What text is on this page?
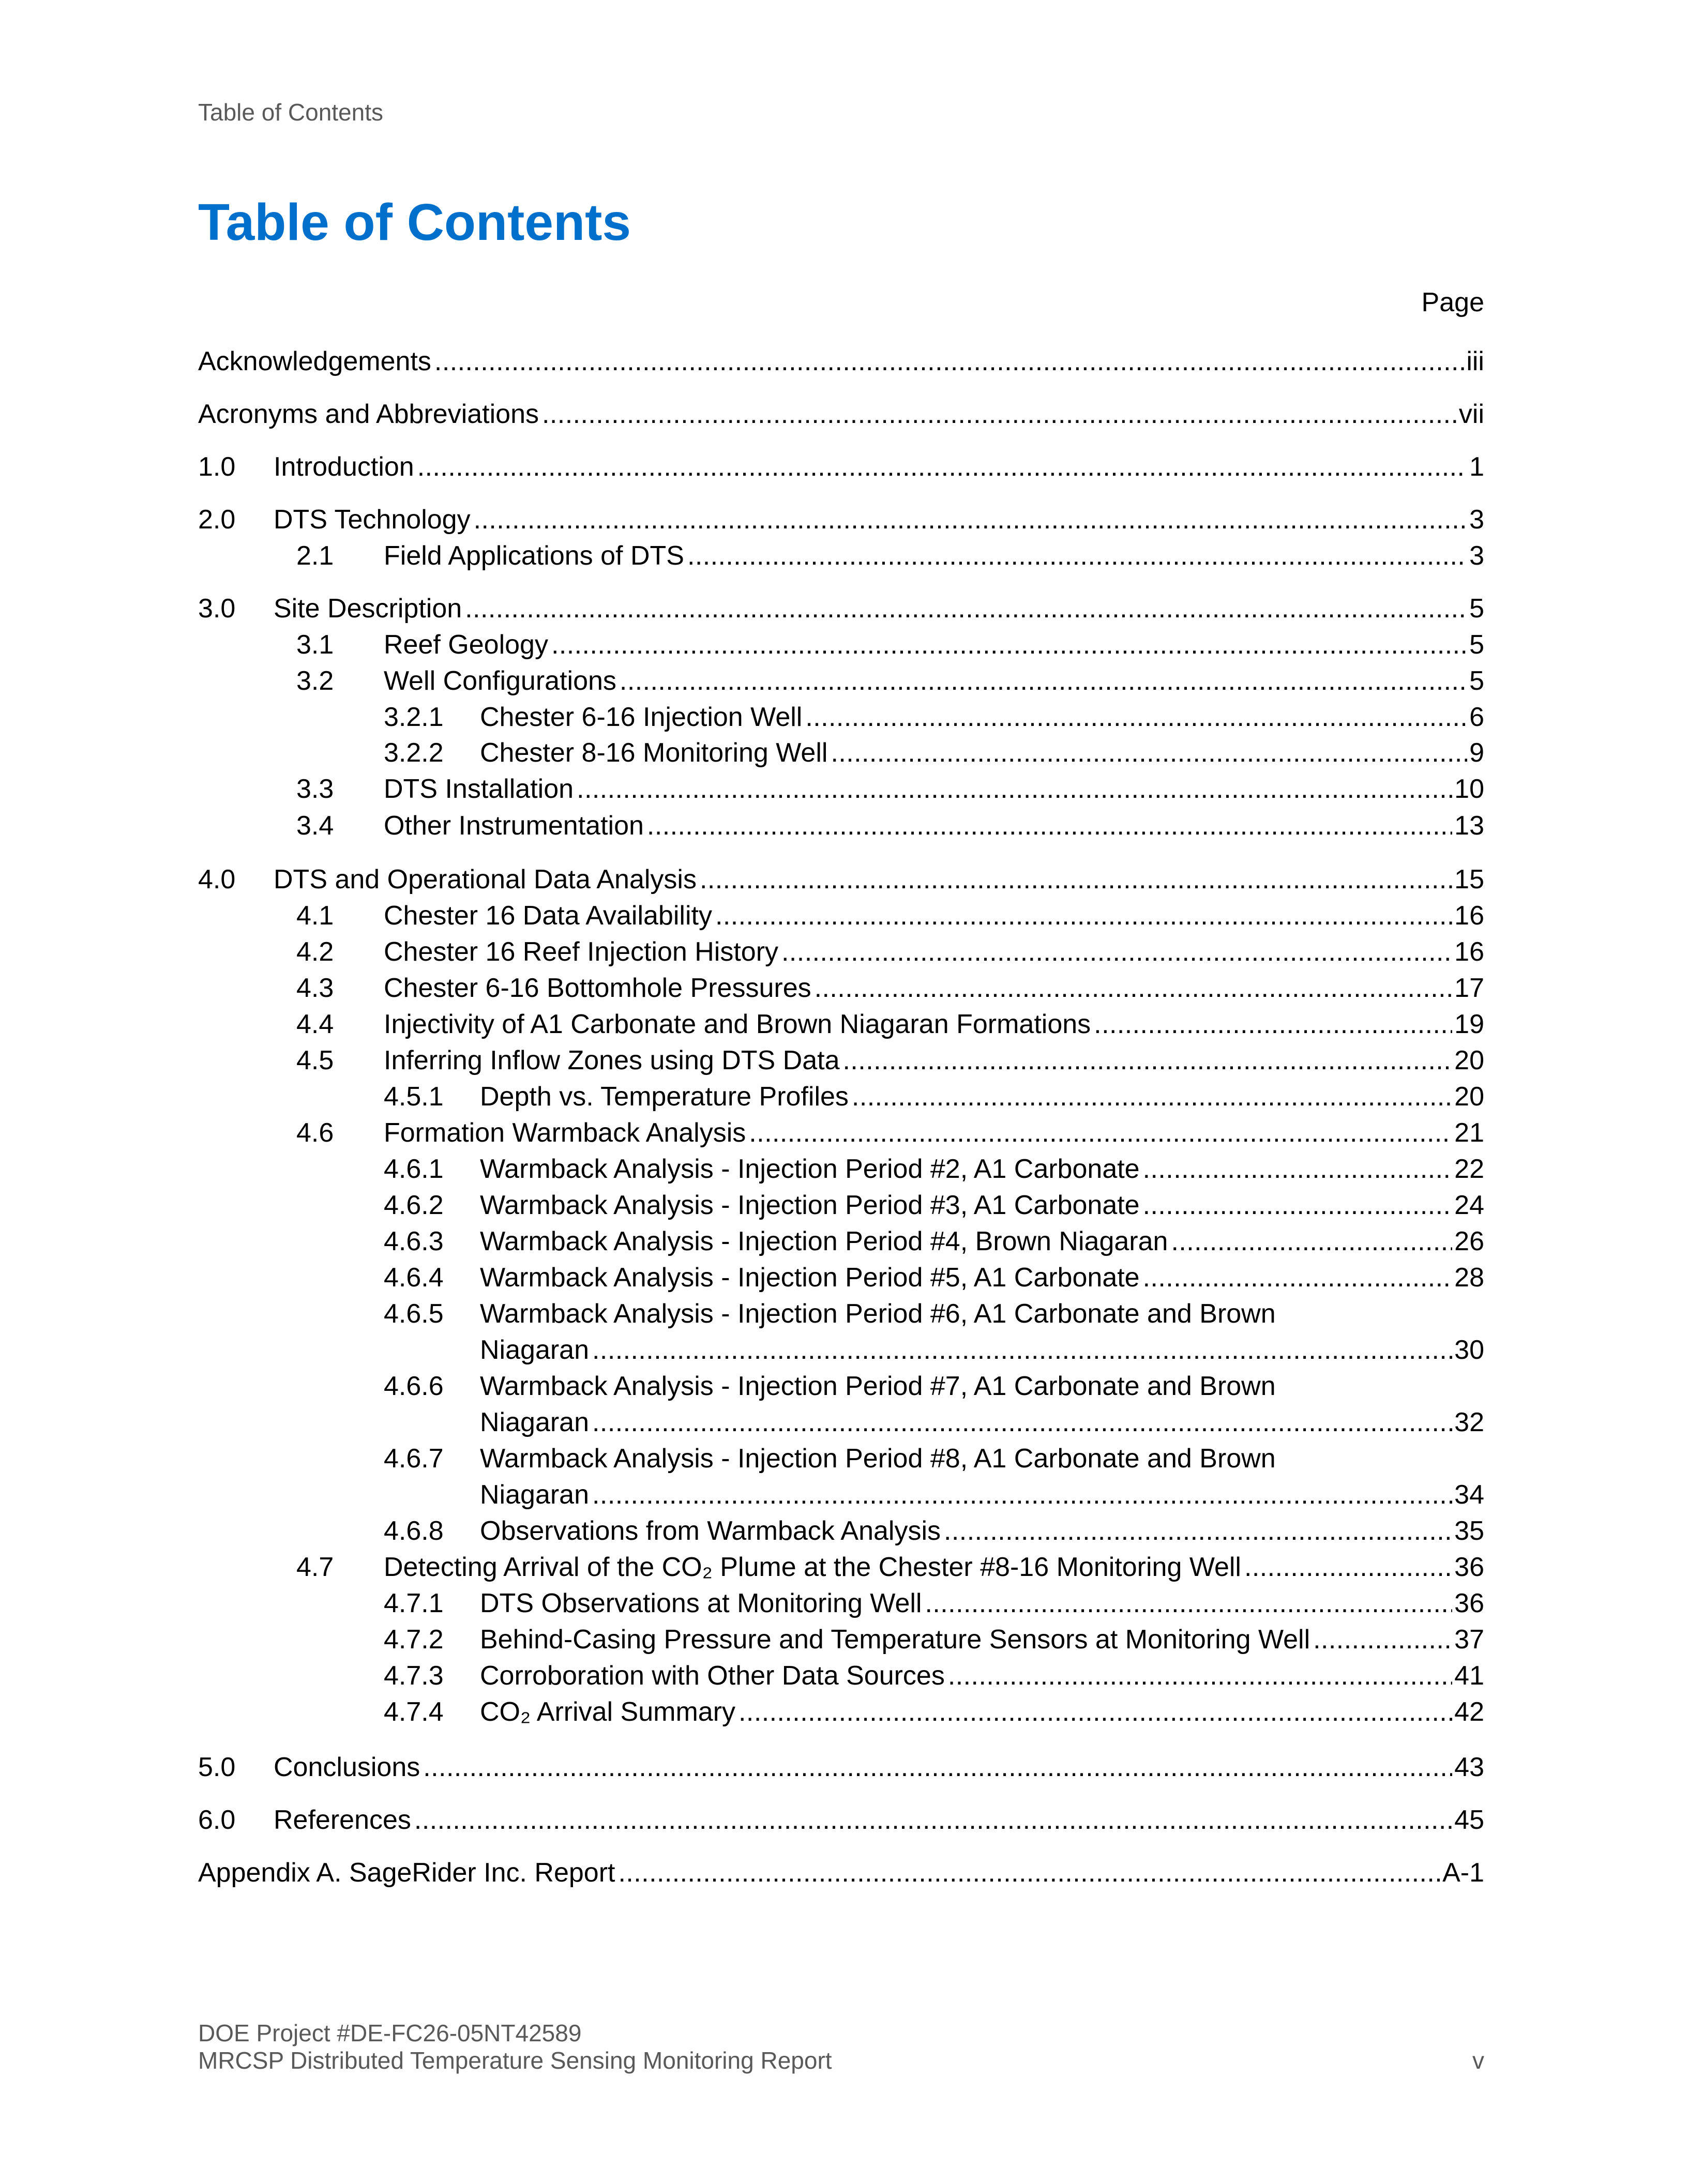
Table of Contents
Table of Contents
Page
Acknowledgements . . .	iii
Acronyms and Abbreviations . . .	vii
1.0 Introduction . . .	1
2.0 DTS Technology . . .	3
2.1 Field Applications of DTS . . .	3
3.0 Site Description . . .	5
3.1 Reef Geology . . .	5
3.2 Well Configurations . . .	5
3.2.1 Chester 6-16 Injection Well . . .	6
3.2.2 Chester 8-16 Monitoring Well . . .	9
3.3 DTS Installation . . .	10
3.4 Other Instrumentation . . .	13
4.0 DTS and Operational Data Analysis . . .	15
4.1 Chester 16 Data Availability . . .	16
4.2 Chester 16 Reef Injection History . . .	16
4.3 Chester 6-16 Bottomhole Pressures . . .	17
4.4 Injectivity of A1 Carbonate and Brown Niagaran Formations . . .	19
4.5 Inferring Inflow Zones using DTS Data . . .	20
4.5.1 Depth vs. Temperature Profiles . . .	20
4.6 Formation Warmback Analysis . . .	21
4.6.1 Warmback Analysis - Injection Period #2, A1 Carbonate . . .	22
4.6.2 Warmback Analysis - Injection Period #3, A1 Carbonate . . .	24
4.6.3 Warmback Analysis - Injection Period #4, Brown Niagaran . . .	26
4.6.4 Warmback Analysis - Injection Period #5, A1 Carbonate . . .	28
4.6.5 Warmback Analysis - Injection Period #6, A1 Carbonate and Brown
Niagaran . . .	30
4.6.6 Warmback Analysis - Injection Period #7, A1 Carbonate and Brown
Niagaran . . .	32
4.6.7 Warmback Analysis - Injection Period #8, A1 Carbonate and Brown
Niagaran . . .	34
4.6.8 Observations from Warmback Analysis . . .	35
4.7 Detecting Arrival of the CO₂ Plume at the Chester #8-16 Monitoring Well . . .	36
4.7.1 DTS Observations at Monitoring Well . . .	36
4.7.2 Behind-Casing Pressure and Temperature Sensors at Monitoring Well . . .	37
4.7.3 Corroboration with Other Data Sources . . .	41
4.7.4 CO₂ Arrival Summary . . .	42
5.0 Conclusions . . .	43
6.0 References . . .	45
Appendix A. SageRider Inc. Report . . .	A-1
DOE Project #DE-FC26-05NT42589
MRCSP Distributed Temperature Sensing Monitoring Report	v
